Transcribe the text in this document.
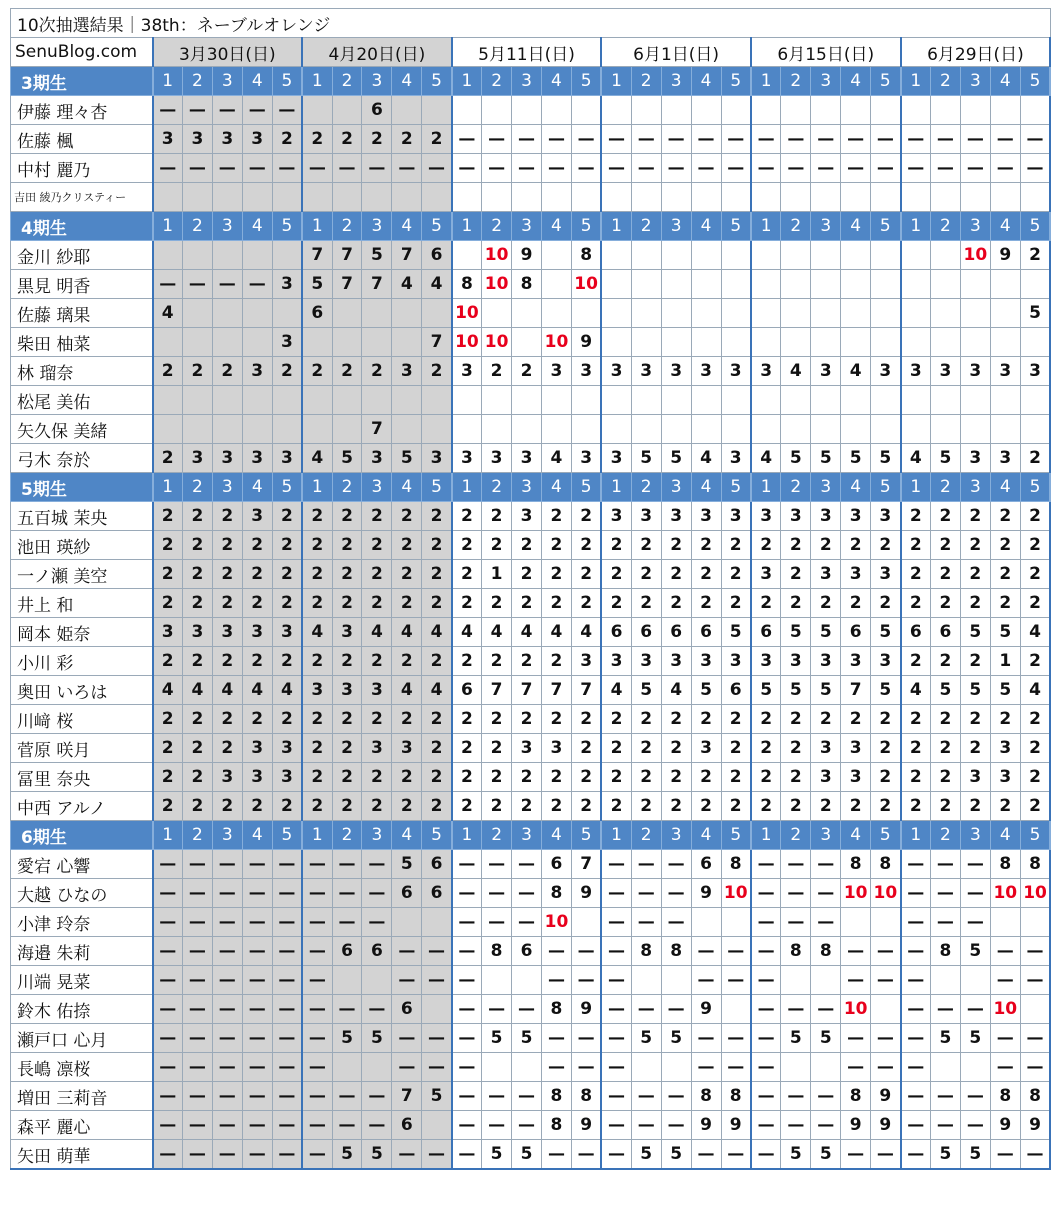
10次抽選結果｜38th：ネーブルオレンジ																														
SenuBlog.com	3月30日(日)					4月20日(日)					5月11日(日)					6月1日(日)					6月15日(日)					6月29日(日)				
3期生	1	2	3	4	5	1	2	3	4	5	1	2	3	4	5	1	2	3	4	5	1	2	3	4	5	1	2	3	4	5
伊藤 理々杏	—	—	—	—	—			6																						
佐藤 楓	3	3	3	3	2	2	2	2	2	2	—	—	—	—	—	—	—	—	—	—	—	—	—	—	—	—	—	—	—	—
中村 麗乃	—	—	—	—	—	—	—	—	—	—	—	—	—	—	—	—	—	—	—	—	—	—	—	—	—	—	—	—	—	—
吉田 綾乃クリスティー																														
4期生	1	2	3	4	5	1	2	3	4	5	1	2	3	4	5	1	2	3	4	5	1	2	3	4	5	1	2	3	4	5
金川 紗耶						7	7	5	7	6		10	9		8													10	9	2
黒見 明香	—	—	—	—	3	5	7	7	4	4	8	10	8		10															
佐藤 璃果	4					6					10																			5
柴田 柚菜					3					7	10	10		10	9															
林 瑠奈	2	2	2	3	2	2	2	2	3	2	3	2	2	3	3	3	3	3	3	3	3	4	3	4	3	3	3	3	3	3
松尾 美佑																														
矢久保 美緒								7																						
弓木 奈於	2	3	3	3	3	4	5	3	5	3	3	3	3	4	3	3	5	5	4	3	4	5	5	5	5	4	5	3	3	2
5期生	1	2	3	4	5	1	2	3	4	5	1	2	3	4	5	1	2	3	4	5	1	2	3	4	5	1	2	3	4	5
五百城 茉央	2	2	2	3	2	2	2	2	2	2	2	2	3	2	2	3	3	3	3	3	3	3	3	3	3	2	2	2	2	2
池田 瑛紗	2	2	2	2	2	2	2	2	2	2	2	2	2	2	2	2	2	2	2	2	2	2	2	2	2	2	2	2	2	2
一ノ瀬 美空	2	2	2	2	2	2	2	2	2	2	2	1	2	2	2	2	2	2	2	2	3	2	3	3	3	2	2	2	2	2
井上 和	2	2	2	2	2	2	2	2	2	2	2	2	2	2	2	2	2	2	2	2	2	2	2	2	2	2	2	2	2	2
岡本 姫奈	3	3	3	3	3	4	3	4	4	4	4	4	4	4	4	6	6	6	6	5	6	5	5	6	5	6	6	5	5	4
小川 彩	2	2	2	2	2	2	2	2	2	2	2	2	2	2	3	3	3	3	3	3	3	3	3	3	3	2	2	2	1	2
奥田 いろは	4	4	4	4	4	3	3	3	4	4	6	7	7	7	7	4	5	4	5	6	5	5	5	7	5	4	5	5	5	4
川﨑 桜	2	2	2	2	2	2	2	2	2	2	2	2	2	2	2	2	2	2	2	2	2	2	2	2	2	2	2	2	2	2
菅原 咲月	2	2	2	3	3	2	2	3	3	2	2	2	3	3	2	2	2	2	3	2	2	2	3	3	2	2	2	2	3	2
冨里 奈央	2	2	3	3	3	2	2	2	2	2	2	2	2	2	2	2	2	2	2	2	2	2	3	3	2	2	2	3	3	2
中西 アルノ	2	2	2	2	2	2	2	2	2	2	2	2	2	2	2	2	2	2	2	2	2	2	2	2	2	2	2	2	2	2
6期生	1	2	3	4	5	1	2	3	4	5	1	2	3	4	5	1	2	3	4	5	1	2	3	4	5	1	2	3	4	5
愛宕 心響	—	—	—	—	—	—	—	—	5	6	—	—	—	6	7	—	—	—	6	8	—	—	—	8	8	—	—	—	8	8
大越 ひなの	—	—	—	—	—	—	—	—	6	6	—	—	—	8	9	—	—	—	9	10	—	—	—	10	10	—	—	—	10	10
小津 玲奈	—	—	—	—	—	—	—	—			—	—	—	10		—	—	—			—	—	—			—	—	—		
海邉 朱莉	—	—	—	—	—	—	6	6	—	—	—	8	6	—	—	—	8	8	—	—	—	8	8	—	—	—	8	5	—	—
川端 晃菜	—	—	—	—	—	—			—	—	—			—	—	—			—	—	—			—	—	—			—	—
鈴木 佑捺	—	—	—	—	—	—	—	—	6		—	—	—	8	9	—	—	—	9		—	—	—	10		—	—	—	10	
瀬戸口 心月	—	—	—	—	—	—	5	5	—	—	—	5	5	—	—	—	5	5	—	—	—	5	5	—	—	—	5	5	—	—
長嶋 凛桜	—	—	—	—	—	—			—	—	—			—	—	—			—	—	—			—	—	—			—	—
増田 三莉音	—	—	—	—	—	—	—	—	7	5	—	—	—	8	8	—	—	—	8	8	—	—	—	8	9	—	—	—	8	8
森平 麗心	—	—	—	—	—	—	—	—	6		—	—	—	8	9	—	—	—	9	9	—	—	—	9	9	—	—	—	9	9
矢田 萌華	—	—	—	—	—	—	5	5	—	—	—	5	5	—	—	—	5	5	—	—	—	5	5	—	—	—	5	5	—	—
